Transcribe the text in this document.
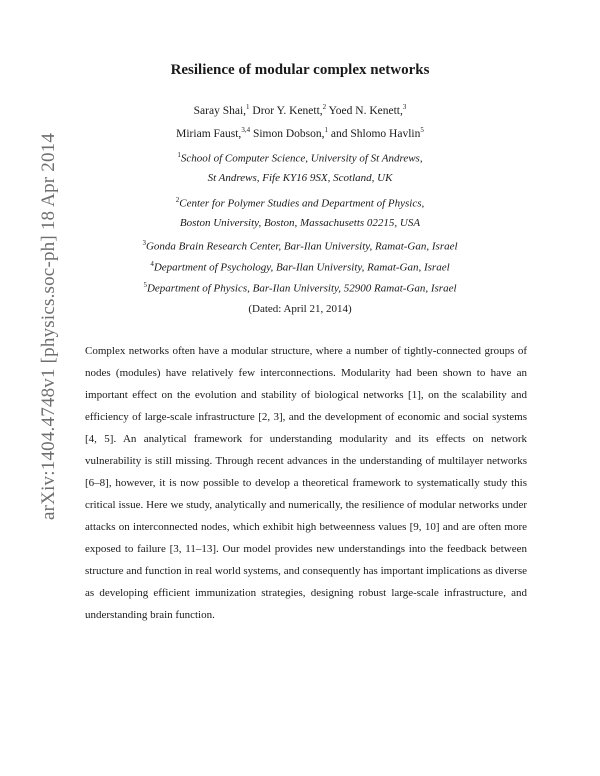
arXiv:1404.4748v1 [physics.soc-ph] 18 Apr 2014
Resilience of modular complex networks
Saray Shai,$^1$ Dror Y. Kenett,$^2$ Yoed N. Kenett,$^3$
Miriam Faust,$^{3,4}$ Simon Dobson,$^1$ and Shlomo Havlin$^5$
$^1$School of Computer Science, University of St Andrews,
St Andrews, Fife KY16 9SX, Scotland, UK
$^2$Center for Polymer Studies and Department of Physics,
Boston University, Boston, Massachusetts 02215, USA
$^3$Gonda Brain Research Center, Bar-Ilan University, Ramat-Gan, Israel
$^4$Department of Psychology, Bar-Ilan University, Ramat-Gan, Israel
$^5$Department of Physics, Bar-Ilan University, 52900 Ramat-Gan, Israel
(Dated: April 21, 2014)

Complex networks often have a modular structure, where a number of tightly-connected groups of nodes (modules) have relatively few interconnections. Modularity had been shown to have an important effect on the evolution and stability of biological networks [1], on the scalability and efficiency of large-scale infrastructure [2, 3], and the development of economic and social systems [4, 5]. An analytical framework for understanding modularity and its effects on network vulnerability is still missing. Through recent advances in the understanding of multilayer networks [6–8], however, it is now possible to develop a theoretical framework to systematically study this critical issue. Here we study, analytically and numerically, the resilience of modular networks under attacks on interconnected nodes, which exhibit high betweenness values [9, 10] and are often more exposed to failure [3, 11–13]. Our model provides new understandings into the feedback between structure and function in real world systems, and consequently has important implications as diverse as developing efficient immunization strategies, designing robust large-scale infrastructure, and understanding brain function.
